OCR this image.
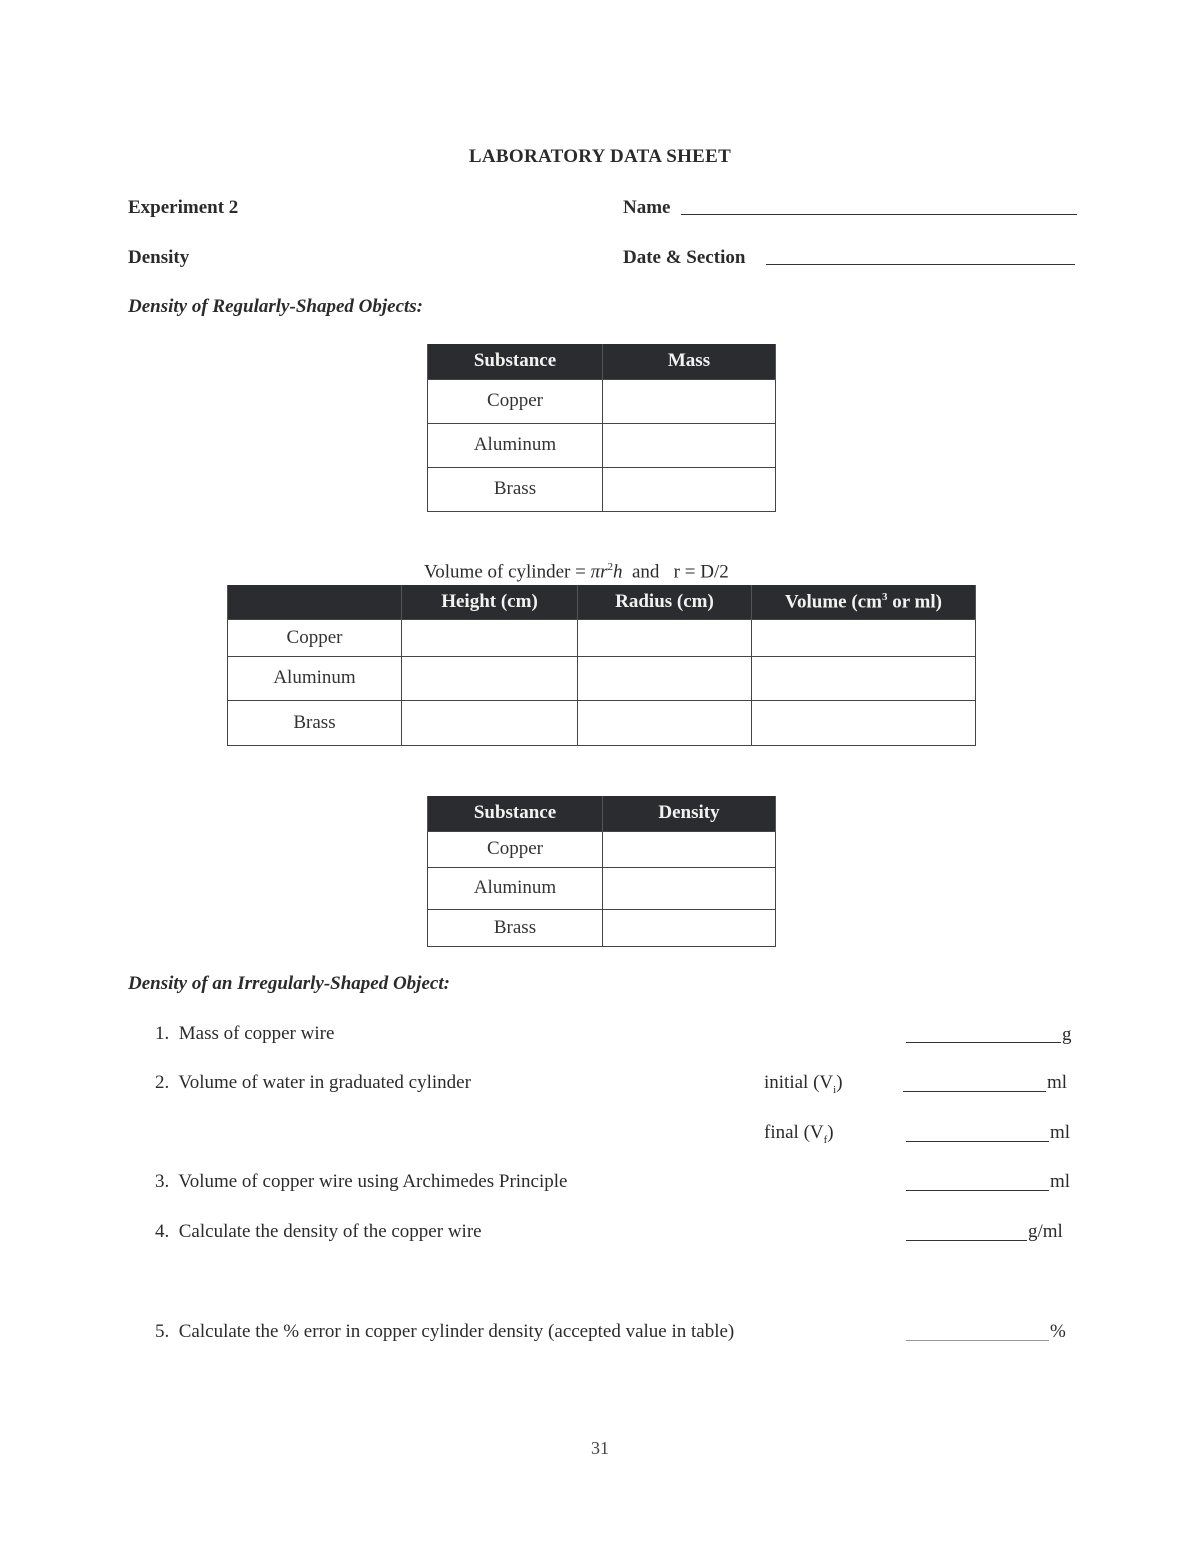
LABORATORY DATA SHEET
Experiment 2	Name
Density	Date & Section
Density of Regularly-Shaped Objects:
Substance	Mass
Copper	
Aluminum	
Brass	
Volume of cylinder = $\pi r^2h$  and   r = D/2
	Height (cm)	Radius (cm)	Volume ($cm^3$ or ml)
Copper			
Aluminum			
Brass			
Substance	Density
Copper	
Aluminum	
Brass	
Density of an Irregularly-Shaped Object:
1. Mass of copper wire	g
2. Volume of water in graduated cylinder	initial $(V_i)$	ml
final $(V_f)$	ml
3. Volume of copper wire using Archimedes Principle	ml
4. Calculate the density of the copper wire	g/ml
5. Calculate the % error in copper cylinder density (accepted value in table)	%
31
